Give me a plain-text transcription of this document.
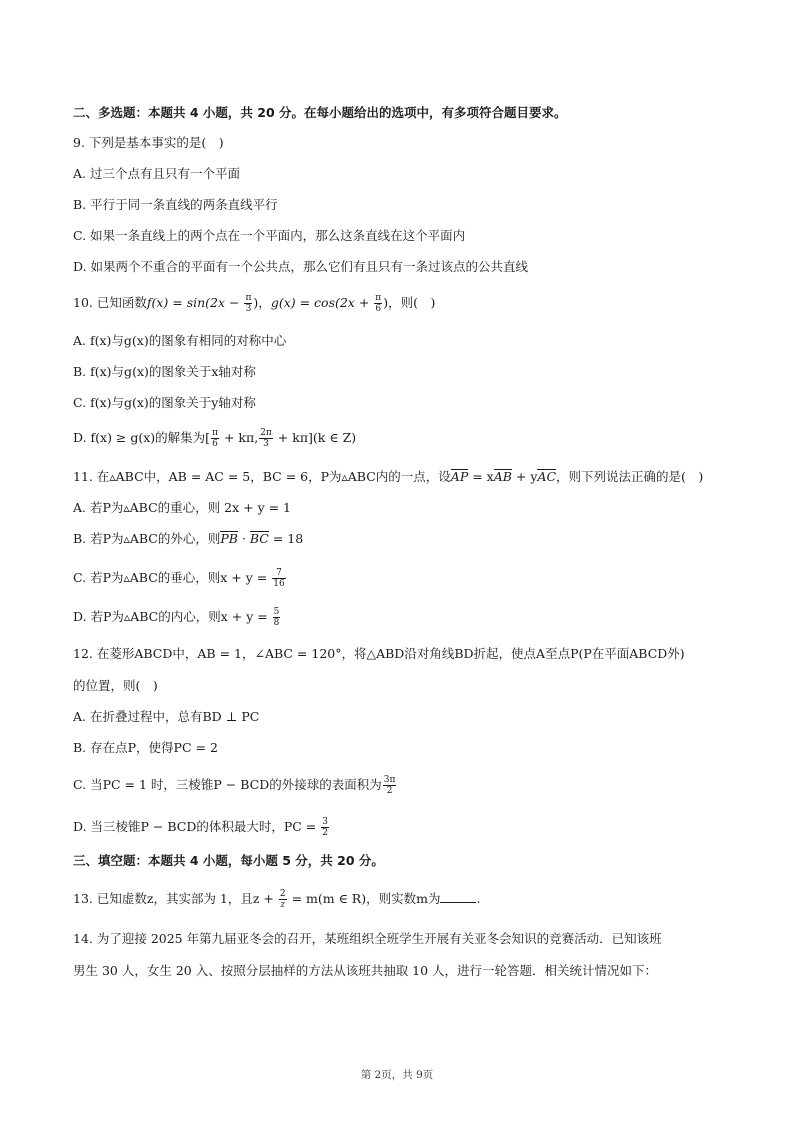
二、多选题：本题共 4 小题，共 20 分。在每小题给出的选项中，有多项符合题目要求。
9. 下列是基本事实的是( )
A. 过三个点有且只有一个平面
B. 平行于同一条直线的两条直线平行
C. 如果一条直线上的两个点在一个平面内，那么这条直线在这个平面内
D. 如果两个不重合的平面有一个公共点，那么它们有且只有一条过该点的公共直线
10. 已知函数$f(x) = \sin(2x - \frac{\pi}{3}$ )，$g(x) = \cos(2x + \frac{\pi}{6}$ )，则( )
A. f(x)与g(x)的图象有相同的对称中心
B. f(x)与g(x)的图象关于x轴对称
C. f(x)与g(x)的图象关于y轴对称
D. f(x) ≥ g(x)的解集为[ $\frac{\pi}{6} + k\pi$, $\frac{2\pi}{3} + k\pi](k$ ∈ Z)
11. 在▵ABC中，AB = AC = 5，BC = 6，P为▵ABC内的一点，设AP = xAB + yAC，则下列说法正确的是( )
A. 若P为▵ABC的重心，则 2x + y = 1
B. 若P为▵ABC的外心，则PB · BC = 18
C. 若P为▵ABC的垂心，则$x + y = \frac{7}{16}$
D. 若P为▵ABC的内心，则$x + y = \frac{5}{8}$
12. 在菱形ABCD中，AB = 1，∠ABC = 120°，将△ABD沿对角线BD折起，使点A至点P(P在平面ABCD外)
的位置，则( )
A. 在折叠过程中，总有BD ⊥ PC
B. 存在点P，使得PC = 2
C. 当PC = 1 时，三棱锥P − BCD的外接球的表面积为 $\frac{3\pi}{2}$
D. 当三棱锥P − BCD的体积最大时，PC = $\frac{3}{2}$
三、填空题：本题共 4 小题，每小题 5 分，共 20 分。
13. 已知虚数z，其实部为 1，且$z + \frac{2}{z} = m(m$ ∈ R)，则实数m为	.
14. 为了迎接 2025 年第九届亚冬会的召开，某班组织全班学生开展有关亚冬会知识的竞赛活动．已知该班
男生 30 人，女生 20 入、按照分层抽样的方法从该班共抽取 10 人，进行一轮答题．相关统计情况如下：
第 2页，共 9页
